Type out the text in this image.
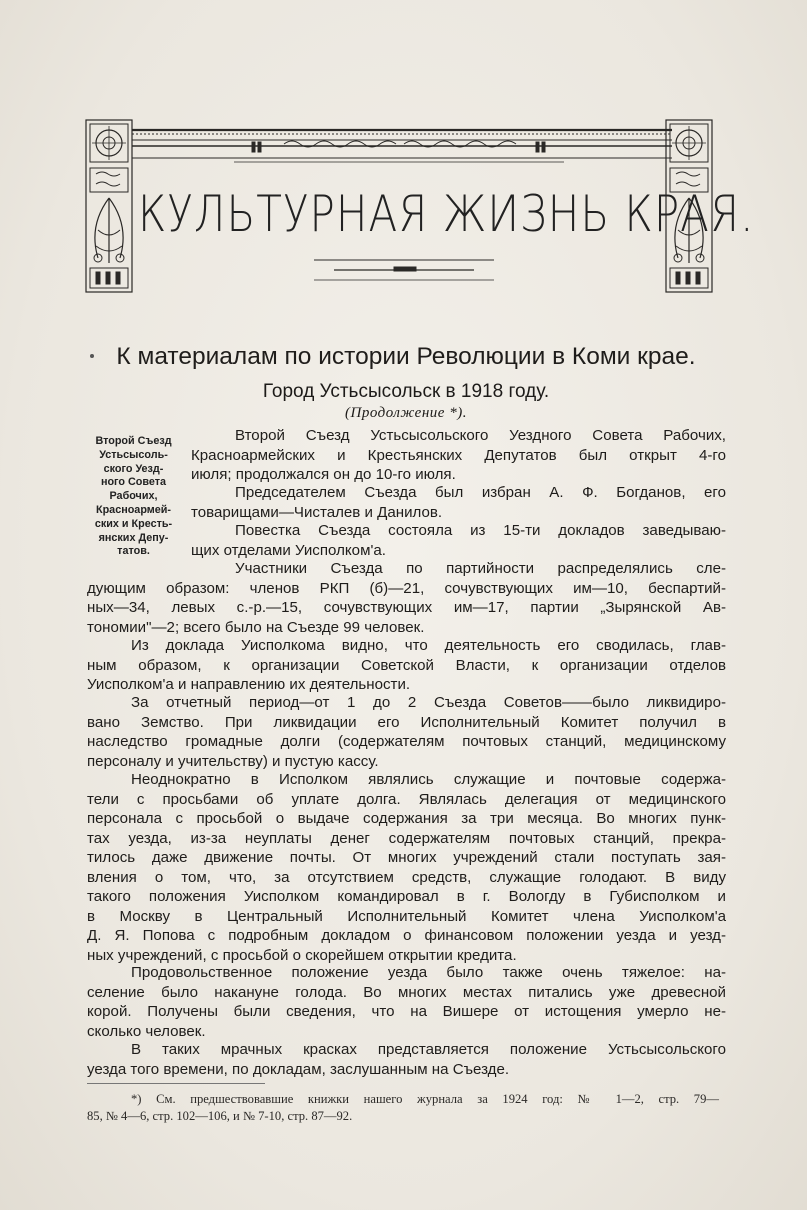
КУЛЬТУРНАЯ ЖИЗНЬ КРАЯ.
К материалам по истории Революции в Коми крае.
Город Устьсысольск в 1918 году.
(Продолжение *).
Второй Съезд
Устьсысоль-
ского Уезд-
ного Совета
Рабочих,
Красноармей-
ских и Кресть-
янских Депу-
татов.
Второй Съезд Устьсысольского Уездного Совета Рабочих,
Красноармейских и Крестьянских Депутатов был открыт 4-го
июля; продолжался он до 10-го июля.
Председателем Съезда был избран А. Ф. Богданов, его
товарищами—Чисталев и Данилов.
Повестка Съезда состояла из 15-ти докладов заведываю-
щих отделами Уисполком'а.
Участники Съезда по партийности распределялись сле-
дующим образом: членов РКП (б)—21, сочувствующих им—10, беспартий-
ных—34, левых с.-р.—15, сочувствующих им—17, партии „Зырянской Ав-
тономии"—2; всего было на Съезде 99 человек.
Из доклада Уисполкома видно, что деятельность его сводилась, глав-
ным образом, к организации Советской Власти, к организации отделов
Уисполком'а и направлению их деятельности.
За отчетный период—от 1 до 2 Съезда Советов——было ликвидиро-
вано Земство. При ликвидации его Исполнительный Комитет получил в
наследство громадные долги (содержателям почтовых станций, медицинскому
персоналу и учительству) и пустую кассу.
Неоднократно в Исполком являлись служащие и почтовые содержа-
тели с просьбами об уплате долга. Являлась делегация от медицинского
персонала с просьбой о выдаче содержания за три месяца. Во многих пунк-
тах уезда, из-за неуплаты денег содержателям почтовых станций, прекра-
тилось даже движение почты. От многих учреждений стали поступать зая-
вления о том, что, за отсутствием средств, служащие голодают. В виду
такого положения Уисполком командировал в г. Вологду в Губисполком и
в Москву в Центральный Исполнительный Комитет члена Уисполком'а
Д. Я. Попова с подробным докладом о финансовом положении уезда и уезд-
ных учреждений, с просьбой о скорейшем открытии кредита.
Продовольственное положение уезда было также очень тяжелое: на-
селение было накануне голода. Во многих местах питались уже древесной
корой. Получены были сведения, что на Вишере от истощения умерло не-
сколько человек.
В таких мрачных красках представляется положение Устьсысольского
уезда того времени, по докладам, заслушанным на Съезде.
*) См. предшествовавшие книжки нашего журнала за 1924 год: № 1—2, стр. 79—
85, № 4—6, стр. 102—106, и № 7-10, стр. 87—92.
